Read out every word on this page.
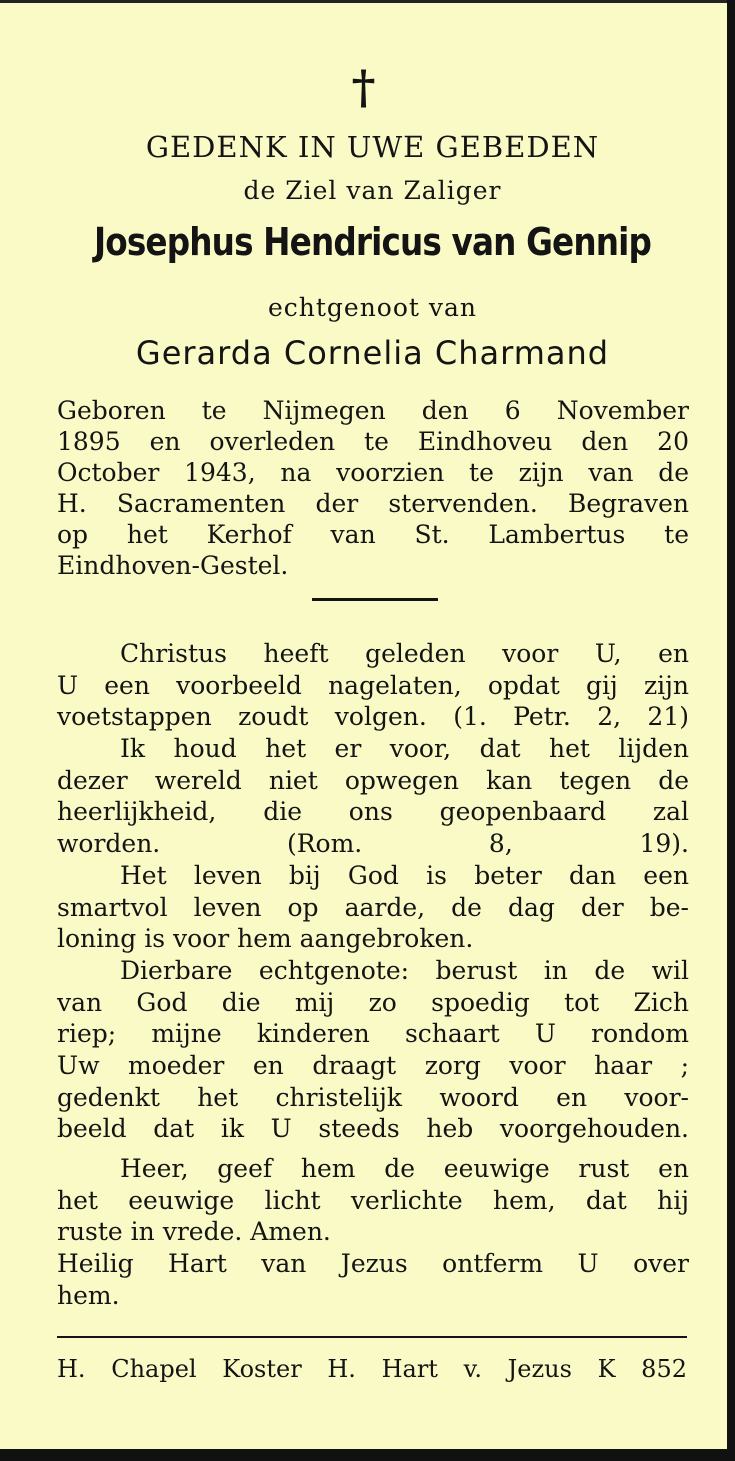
†
GEDENK IN UWE GEBEDEN
de Ziel van Zaliger
Josephus Hendricus van Gennip
echtgenoot van
Gerarda Cornelia Charmand
Geboren te Nijmegen den 6 November
1895 en overleden te Eindhoveu den 20
October 1943, na voorzien te zijn van de
H. Sacramenten der stervenden. Begraven
op het Kerhof van St. Lambertus te
Eindhoven-Gestel.
Christus heeft geleden voor U, en
U een voorbeeld nagelaten, opdat gij zijn
voetstappen zoudt volgen. (1. Petr. 2, 21)
Ik houd het er voor, dat het lijden
dezer wereld niet opwegen kan tegen de
heerlijkheid, die ons geopenbaard zal
worden. (Rom. 8, 19).
Het leven bij God is beter dan een
smartvol leven op aarde, de dag der be-
loning is voor hem aangebroken.
Dierbare echtgenote: berust in de wil
van God die mij zo spoedig tot Zich
riep; mijne kinderen schaart U rondom
Uw moeder en draagt zorg voor haar ;
gedenkt het christelijk woord en voor-
beeld dat ik U steeds heb voorgehouden.
Heer, geef hem de eeuwige rust en
het eeuwige licht verlichte hem, dat hij
ruste in vrede. Amen.
Heilig Hart van Jezus ontferm U over
hem.
H. Chapel Koster H. Hart v. Jezus K 852
